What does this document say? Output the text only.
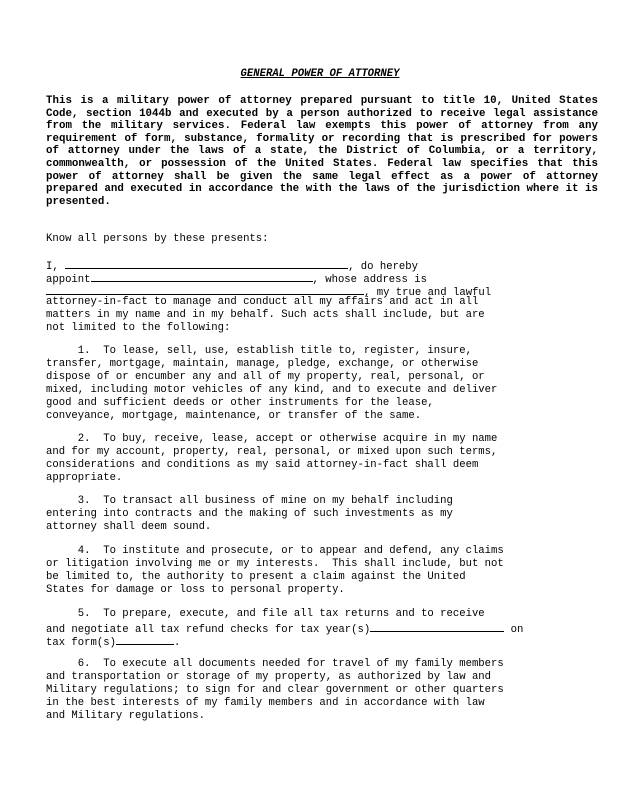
GENERAL POWER OF ATTORNEY
This is a military power of attorney prepared pursuant to title 10, United States Code, section 1044b and executed by a person authorized to receive legal assistance from the military services. Federal law exempts this power of attorney from any requirement of form, substance, formality or recording that is prescribed for powers of attorney under the laws of a state, the District of Columbia, or a territory, commonwealth, or possession of the United States. Federal law specifies that this power of attorney shall be given the same legal effect as a power of attorney prepared and executed in accordance the with the laws of the jurisdiction where it is presented.
Know all persons by these presents:
I,	, do hereby
appoint	, whose address is
, my true and lawful
attorney-in-fact to manage and conduct all my affairs and act in all
matters in my name and in my behalf. Such acts shall include, but are
not limited to the following:
1.  To lease, sell, use, establish title to, register, insure,
transfer, mortgage, maintain, manage, pledge, exchange, or otherwise
dispose of or encumber any and all of my property, real, personal, or
mixed, including motor vehicles of any kind, and to execute and deliver
good and sufficient deeds or other instruments for the lease,
conveyance, mortgage, maintenance, or transfer of the same.
2.  To buy, receive, lease, accept or otherwise acquire in my name
and for my account, property, real, personal, or mixed upon such terms,
considerations and conditions as my said attorney-in-fact shall deem
appropriate.
3.  To transact all business of mine on my behalf including
entering into contracts and the making of such investments as my
attorney shall deem sound.
4.  To institute and prosecute, or to appear and defend, any claims
or litigation involving me or my interests.  This shall include, but not
be limited to, the authority to present a claim against the United
States for damage or loss to personal property.
5.  To prepare, execute, and file all tax returns and to receive
and negotiate all tax refund checks for tax year(s)	on
tax form(s)	.
6.  To execute all documents needed for travel of my family members
and transportation or storage of my property, as authorized by law and
Military regulations; to sign for and clear government or other quarters
in the best interests of my family members and in accordance with law
and Military regulations.
